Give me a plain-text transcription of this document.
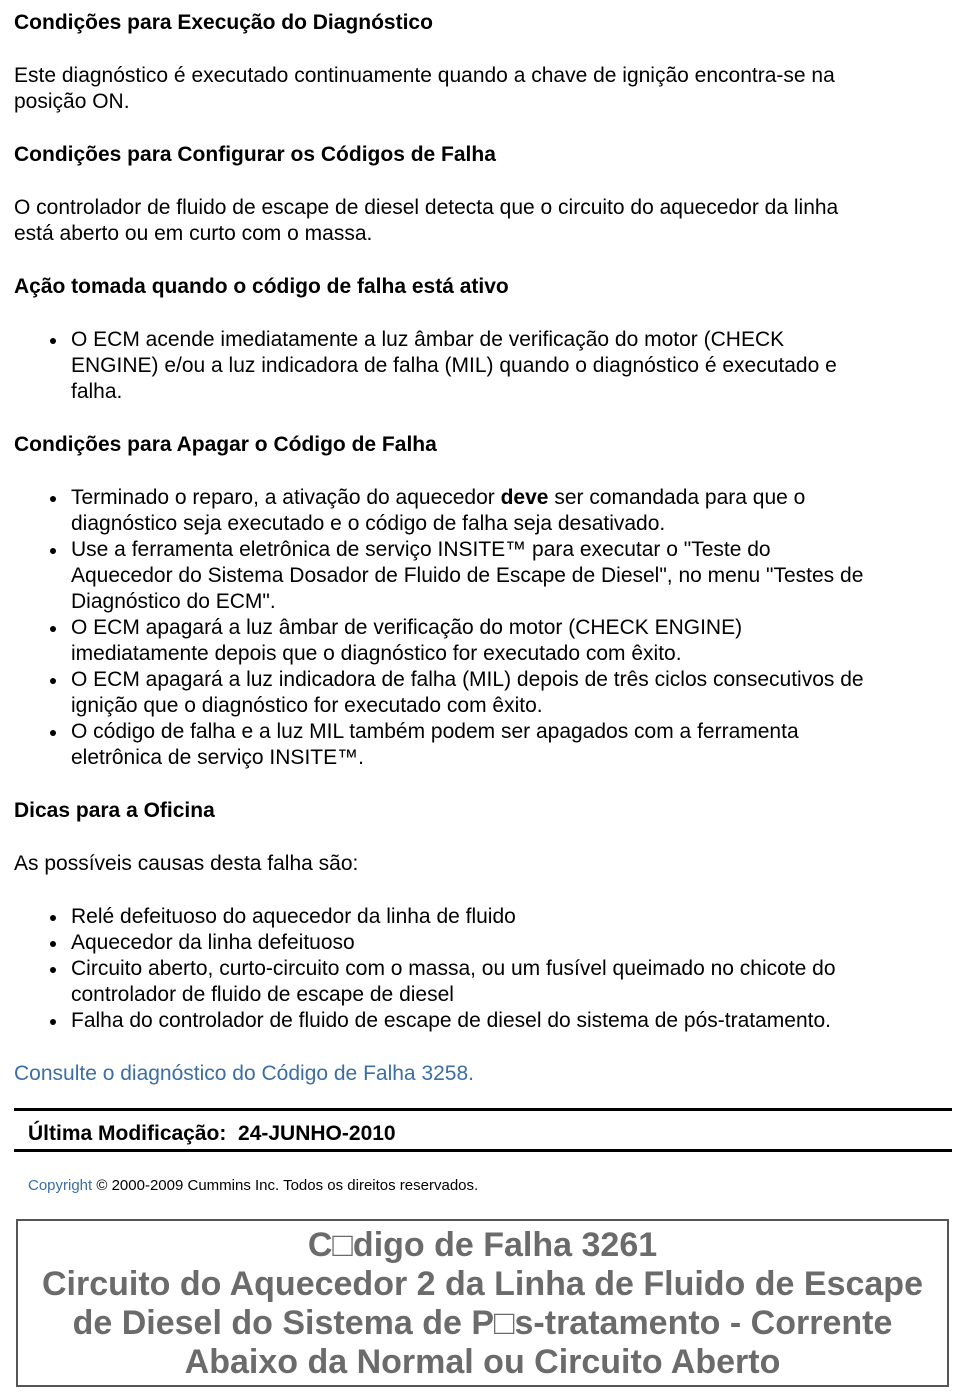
Condições para Execução do Diagnóstico

Este diagnóstico é executado continuamente quando a chave de ignição encontra-se na
posição ON.

Condições para Configurar os Códigos de Falha

O controlador de fluido de escape de diesel detecta que o circuito do aquecedor da linha
está aberto ou em curto com o massa.

Ação tomada quando o código de falha está ativo
O ECM acende imediatamente a luz âmbar de verificação do motor (CHECK
ENGINE) e/ou a luz indicadora de falha (MIL) quando o diagnóstico é executado e
falha.
Condições para Apagar o Código de Falha
Terminado o reparo, a ativação do aquecedor deve ser comandada para que o
diagnóstico seja executado e o código de falha seja desativado.
Use a ferramenta eletrônica de serviço INSITE™ para executar o "Teste do
Aquecedor do Sistema Dosador de Fluido de Escape de Diesel", no menu "Testes de
Diagnóstico do ECM".
O ECM apagará a luz âmbar de verificação do motor (CHECK ENGINE)
imediatamente depois que o diagnóstico for executado com êxito.
O ECM apagará a luz indicadora de falha (MIL) depois de três ciclos consecutivos de
ignição que o diagnóstico for executado com êxito.
O código de falha e a luz MIL também podem ser apagados com a ferramenta
eletrônica de serviço INSITE™.
Dicas para a Oficina

As possíveis causas desta falha são:

Relé defeituoso do aquecedor da linha de fluido
Aquecedor da linha defeituoso
Circuito aberto, curto-circuito com o massa, ou um fusível queimado no chicote do
controlador de fluido de escape de diesel
Falha do controlador de fluido de escape de diesel do sistema de pós-tratamento.
Consulte o diagnóstico do Código de Falha 3258.
Última Modificação:  24-JUNHO-2010
Copyright © 2000-2009 Cummins Inc. Todos os direitos reservados.
C□digo de Falha 3261
Circuito do Aquecedor 2 da Linha de Fluido de Escape
de Diesel do Sistema de P□s-tratamento - Corrente
Abaixo da Normal ou Circuito Aberto
